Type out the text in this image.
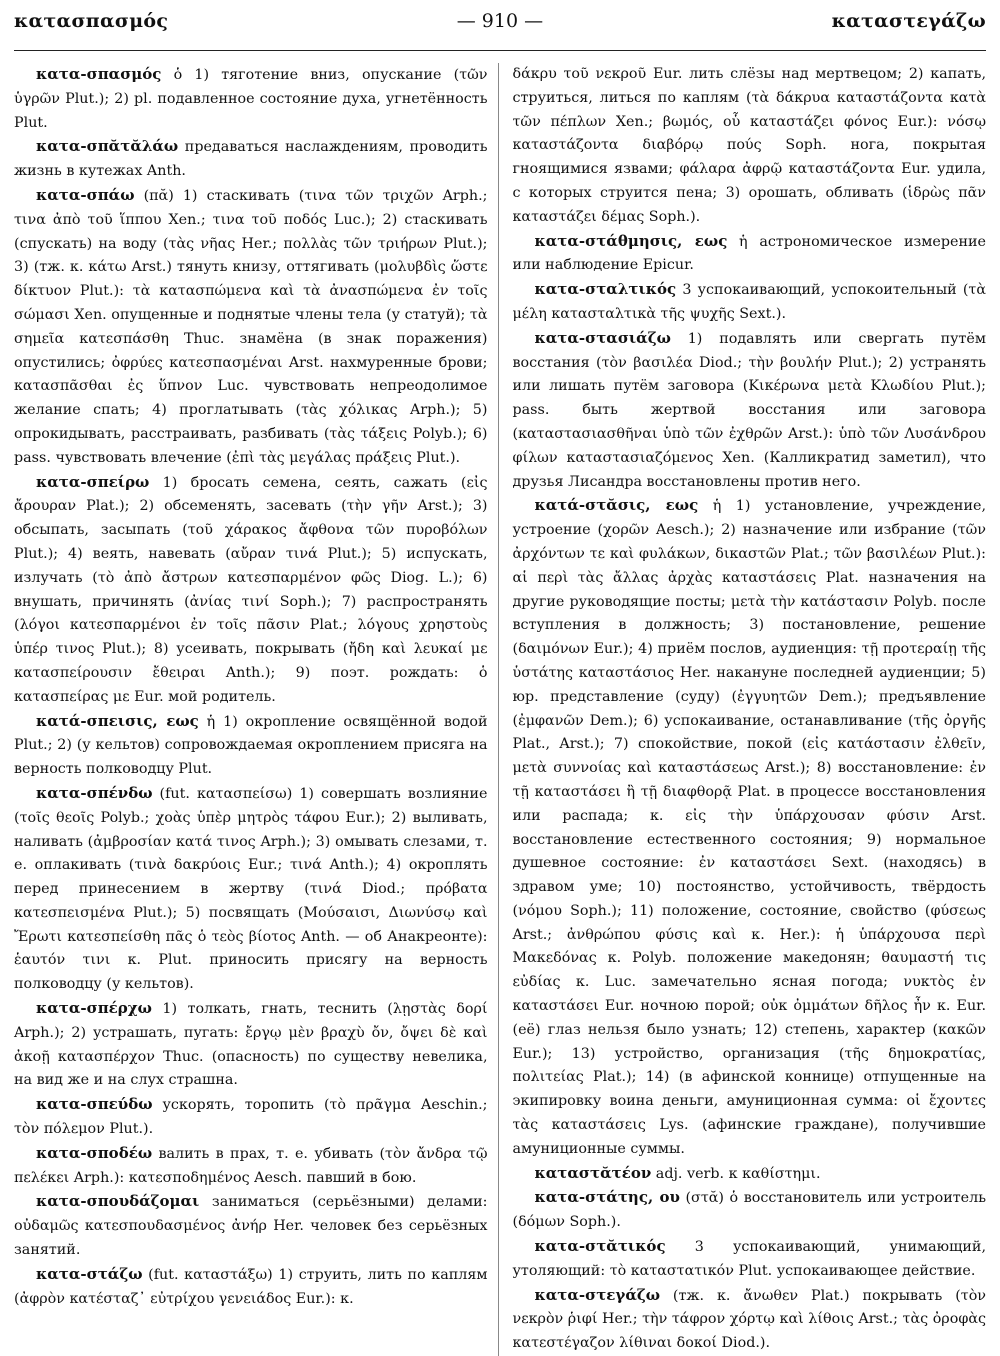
κατασπασμός	— 910 —	καταστεγάζω

κατα-σπασμός ὁ 1) тяготение вниз, опускание (τῶν ὑγρῶν Plut.); 2) pl. подавленное состояние духа, угнетённость Plut.

κατα-σπᾰτᾰλάω предаваться наслаждениям, проводить жизнь в кутежах Anth.

κατα-σπάω (πᾰ) 1) стаскивать (τινα τῶν τριχῶν Arph.; τινα ἀπὸ τοῦ ἵππου Xen.; τινα τοῦ ποδός Luc.); 2) стаскивать (спускать) на воду (τὰς νῆας Her.; πολλὰς τῶν τριήρων Plut.); 3) (тж. κ. κάτω Arst.) тянуть книзу, оттягивать (μολυβδὶς ὥστε δίκτυον Plut.): τὰ κατασπώμενα καὶ τὰ ἀνασπώμενα ἐν τοῖς σώμασι Xen. опущенные и поднятые члены тела (у статуй); τὰ σημεῖα κατεσπάσθη Thuc. знамёна (в знак поражения) опустились; ὀφρύες κατεσπασμέναι Arst. нахмуренные брови; κατασπᾶσθαι ἐς ὕπνον Luc. чувствовать непреодолимое желание спать; 4) проглатывать (τὰς χόλικας Arph.); 5) опрокидывать, расстраивать, разбивать (τὰς τάξεις Polyb.); 6) pass. чувствовать влечение (ἐπὶ τὰς μεγάλας πράξεις Plut.).

κατα-σπείρω 1) бросать семена, сеять, сажать (εἰς ἄρουραν Plat.); 2) обсеменять, засевать (τὴν γῆν Arst.); 3) обсыпать, засыпать (τοῦ χάρακος ἄφθονα τῶν πυροβόλων Plut.); 4) веять, навевать (αὔραν τινά Plut.); 5) испускать, излучать (τὸ ἀπὸ ἄστρων κατεσπαρμένον φῶς Diog. L.); 6) внушать, причинять (ἀνίας τινί Soph.); 7) распространять (λόγοι κατεσπαρμένοι ἐν τοῖς πᾶσιν Plat.; λόγους χρηστοὺς ὑπέρ τινος Plut.); 8) усеивать, покрывать (ἤδη καὶ λευκαί με κατασπείρουσιν ἔθειραι Anth.); 9) поэт. рождать: ὁ κατασπείρας με Eur. мой родитель.

κατά-σπεισις, εως ἡ 1) окропление освящённой водой Plut.; 2) (у кельтов) сопровождаемая окроплением присяга на верность полководцу Plut.

κατα-σπένδω (fut. κατασπείσω) 1) совершать возлияние (τοῖς θεοῖς Polyb.; χοὰς ὑπὲρ μητρὸς τάφου Eur.); 2) выливать, наливать (ἀμβροσίαν κατά τινος Arph.); 3) омывать слезами, т. е. оплакивать (τινὰ δακρύοις Eur.; τινά Anth.); 4) окроплять перед принесением в жертву (τινά Diod.; πρόβατα κατεσπεισμένα Plut.); 5) посвящать (Μούσαισι, Διωνύσῳ καὶ Ἔρωτι κατεσπείσθη πᾶς ὁ τεὸς βίοτος Anth. — об Анакреонте): ἑαυτόν τινι κ. Plut. приносить присягу на верность полководцу (у кельтов).

κατα-σπέρχω 1) толкать, гнать, теснить (λῃστὰς δορί Arph.); 2) устрашать, пугать: ἔργῳ μὲν βραχὺ ὄν, ὄψει δὲ καὶ ἀκοῇ κατασπέρχον Thuc. (опасность) по существу невелика, на вид же и на слух страшна.

κατα-σπεύδω ускорять, торопить (τὸ πρᾶγμα Aeschin.; τὸν πόλεμον Plut.).

κατα-σποδέω валить в прах, т. е. убивать (τὸν ἄνδρα τῷ πελέκει Arph.): κατεσποδημένος Aesch. павший в бою.

κατα-σπουδάζομαι заниматься (серьёзными) делами: οὐδαμῶς κατεσπουδασμένος ἀνήρ Her. человек без серьёзных занятий.

κατα-στάζω (fut. καταστάξω) 1) струить, лить по каплям (ἀφρὸν κατέσταζ᾽ εὐτρίχου γενειάδος Eur.): κ.

δάκρυ τοῦ νεκροῦ Eur. лить слёзы над мертвецом; 2) капать, струиться, литься по каплям (τὰ δάκρυα καταστάζοντα κατὰ τῶν πέπλων Xen.; βωμός, οὗ καταστάζει φόνος Eur.): νόσῳ καταστάζοντα διαβόρῳ πούς Soph. нога, покрытая гноящимися язвами; φάλαρα ἀφρῷ καταστάζοντα Eur. удила, с которых струится пена; 3) орошать, обливать (ἱδρὼς πᾶν καταστάζει δέμας Soph.).

κατα-στάθμησις, εως ἡ астрономическое измерение или наблюдение Epicur.

κατα-σταλτικός 3 успокаивающий, успокоительный (τὰ μέλη κατασταλτικὰ τῆς ψυχῆς Sext.).

κατα-στασιάζω 1) подавлять или свергать путём восстания (τὸν βασιλέα Diod.; τὴν βουλήν Plut.); 2) устранять или лишать путём заговора (Κικέρωνα μετὰ Κλωδίου Plut.); pass. быть жертвой восстания или заговора (καταστασιασθῆναι ὑπὸ τῶν ἐχθρῶν Arst.): ὑπὸ τῶν Λυσάνδρου φίλων καταστασιαζόμενος Xen. (Калликратид заметил), что друзья Лисандра восстановлены против него.

κατά-στᾰσις, εως ἡ 1) установление, учреждение, устроение (χορῶν Aesch.); 2) назначение или избрание (τῶν ἀρχόντων τε καὶ φυλάκων, δικαστῶν Plat.; τῶν βασιλέων Plut.): αἱ περὶ τὰς ἄλλας ἀρχὰς καταστάσεις Plat. назначения на другие руководящие посты; μετὰ τὴν κατάστασιν Polyb. после вступления в должность; 3) постановление, решение (δαιμόνων Eur.); 4) приём послов, аудиенция: τῇ προτεραίῃ τῆς ὑστάτης καταστάσιος Her. накануне последней аудиенции; 5) юр. представление (суду) (ἐγγυητῶν Dem.); предъявление (ἐμφανῶν Dem.); 6) успокаивание, останавливание (τῆς ὀργῆς Plat., Arst.); 7) спокойствие, покой (εἰς κατάστασιν ἐλθεῖν, μετὰ συννοίας καὶ καταστάσεως Arst.); 8) восстановление: ἐν τῇ καταστάσει ἢ τῇ διαφθορᾷ Plat. в процессе восстановления или распада; κ. εἰς τὴν ὑπάρχουσαν φύσιν Arst. восстановление естественного состояния; 9) нормальное душевное состояние: ἐν καταστάσει Sext. (находясь) в здравом уме; 10) постоянство, устойчивость, твёрдость (νόμου Soph.); 11) положение, состояние, свойство (φύσεως Arst.; ἀνθρώπου φύσις καὶ κ. Her.): ἡ ὑπάρχουσα περὶ Μακεδόνας κ. Polyb. положение македонян; θαυμαστή τις εὐδίας κ. Luc. замечательно ясная погода; νυκτὸς ἐν καταστάσει Eur. ночною порой; οὐκ ὀμμάτων δῆλος ἦν κ. Eur. (её) глаз нельзя было узнать; 12) степень, характер (κακῶν Eur.); 13) устройство, организация (τῆς δημοκρατίας, πολιτείας Plat.); 14) (в афинской коннице) отпущенные на экипировку воина деньги, амуниционная сумма: οἱ ἔχοντες τὰς καταστάσεις Lys. (афинские граждане), получившие амуниционные суммы.

καταστᾰτέον adj. verb. к καθίστημι.

κατα-στάτης, ου (στᾰ) ὁ восстановитель или устроитель (δόμων Soph.).

κατα-στᾰτικός 3 успокаивающий, унимающий, утоляющий: τὸ καταστατικόν Plut. успокаивающее действие.

κατα-στεγάζω (тж. κ. ἄνωθεν Plat.) покрывать (τὸν νεκρὸν ῥιφί Her.; τὴν τάφρον χόρτῳ καὶ λίθοις Arst.; τὰς ὀροφὰς κατεστέγαζον λίθιναι δοκοί Diod.).
